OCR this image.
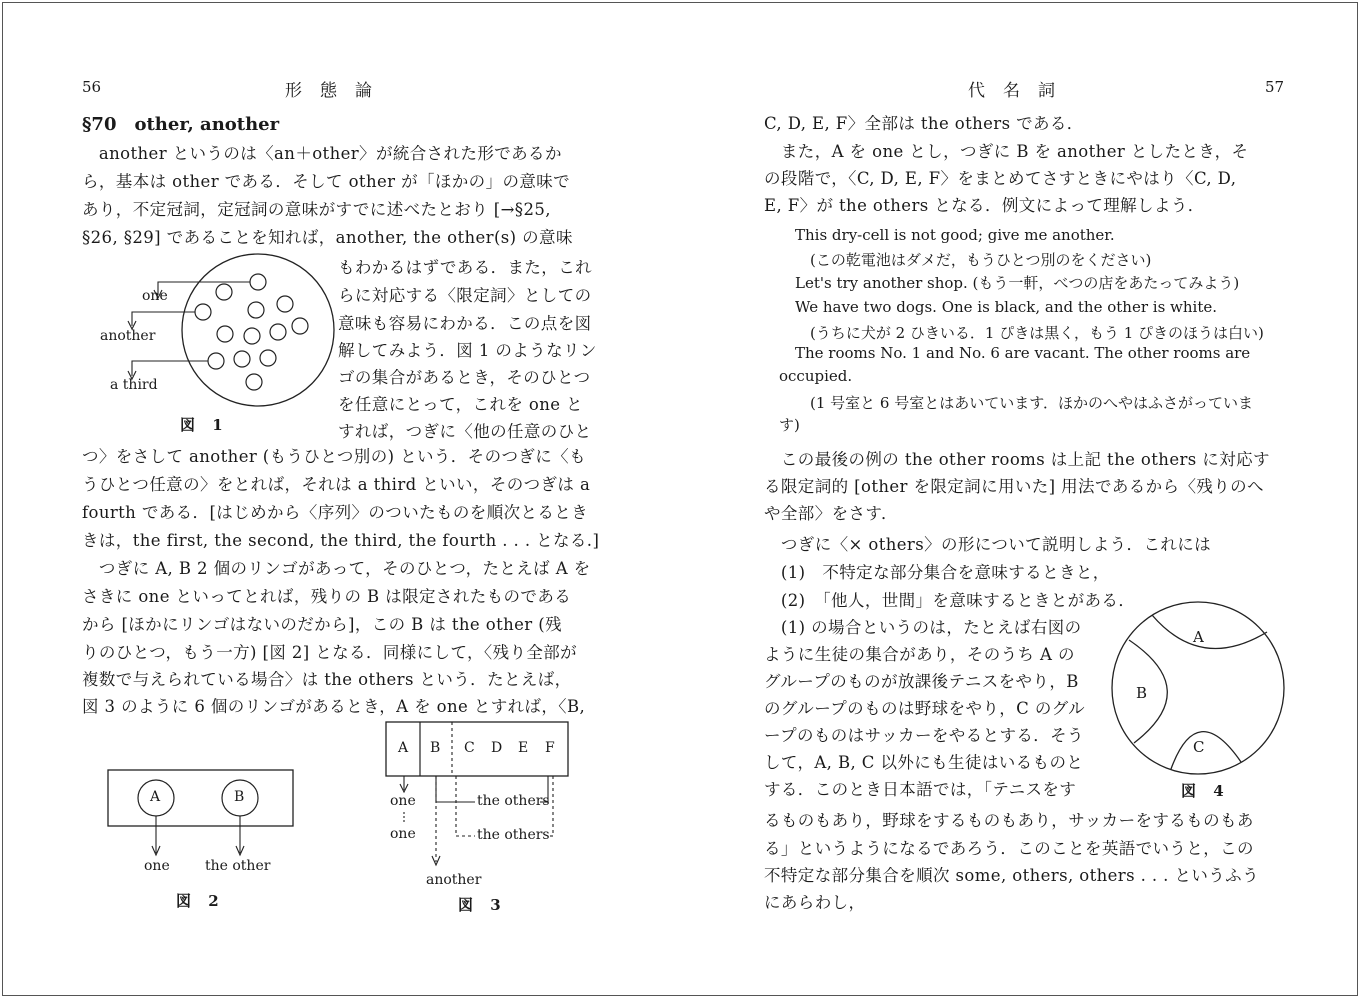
56	形態論
§70　other, another
　another というのは〈an＋other〉が統合された形であるか
ら，基本は other である．そして other が「ほかの」の意味で
あり，不定冠詞，定冠詞の意味がすでに述べたとおり [→§25,
§26, §29] であることを知れば，another, the other(s) の意味
もわかるはずである．また，これ
らに対応する〈限定詞〉としての
意味も容易にわかる．この点を図
解してみよう．図 1 のようなリン
ゴの集合があるとき，そのひとつ
を任意にとって，これを one と
すれば，つぎに〈他の任意のひと
one
another
a third
図 1
つ〉をさして another (もうひとつ別の) という．そのつぎに〈も
うひとつ任意の〉をとれば，それは a third といい，そのつぎは a
fourth である．[はじめから〈序列〉のついたものを順次とるとき
きは，the first, the second, the third, the fourth . . . となる.]
　つぎに A, B 2 個のリンゴがあって，そのひとつ，たとえば A を
さきに one といってとれば，残りの B は限定されたものである
から [ほかにリンゴはないのだから]，この B は the other (残
りのひとつ，もう一方) [図 2] となる．同様にして，〈残り全部が
複数で与えられている場合〉は the others という．たとえば，
図 3 のように 6 個のリンゴがあるとき，A を one とすれば，〈B,
A	B
one	the other
図 2
A B C D E F
one
one
the others
the others
another
図 3
代名詞	57
C, D, E, F〉全部は the others である．
　また，A を one とし，つぎに B を another としたとき，そ
の段階で，〈C, D, E, F〉をまとめてさすときにやはり〈C, D,
E, F〉が the others となる．例文によって理解しよう．
This dry-cell is not good; give me another.
　(この乾電池はダメだ，もうひとつ別のをください)
Let's try another shop. (もう一軒，べつの店をあたってみよう)
We have two dogs. One is black, and the other is white.
　(うちに犬が 2 ひきいる．1 ぴきは黒く，もう 1 ぴきのほうは白い)
The rooms No. 1 and No. 6 are vacant. The other rooms are
occupied.
　(1 号室と 6 号室とはあいています．ほかのへやはふさがっていま
す)
　この最後の例の the other rooms は上記 the others に対応す
る限定詞的 [other を限定詞に用いた] 用法であるから〈残りのへ
や全部〉をさす．
　つぎに〈× others〉の形について説明しよう．これには
　(1)　不特定な部分集合を意味するときと，
　(2)　「他人，世間」を意味するときとがある．
　(1) の場合というのは，たとえば右図の
ように生徒の集合があり，そのうち A の
グループのものが放課後テニスをやり，B
のグループのものは野球をやり，C のグル
ープのものはサッカーをやるとする．そう
して，A, B, C 以外にも生徒はいるものと
する．このとき日本語では，「テニスをす
A
B
C
図 4
るものもあり，野球をするものもあり，サッカーをするものもあ
る」というようになるであろう．このことを英語でいうと，この
不特定な部分集合を順次 some, others, others . . . というふう
にあらわし，
